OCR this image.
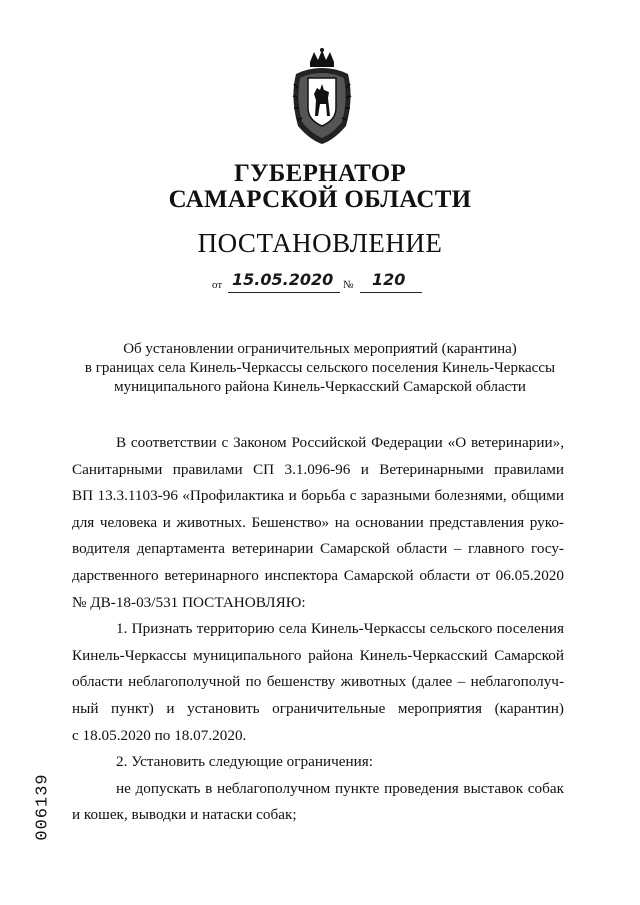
ГУБЕРНАТОР
САМАРСКОЙ ОБЛАСТИ
ПОСТАНОВЛЕНИЕ
от 15.05.2020 № 120
Об установлении ограничительных мероприятий (карантина)
в границах села Кинель-Черкассы сельского поселения Кинель-Черкассы
муниципального района Кинель-Черкасский Самарской области
В соответствии с Законом Российской Федерации «О ветеринарии»,
Санитарными правилами СП 3.1.096-96 и Ветеринарными правилами
ВП 13.3.1103-96 «Профилактика и борьба с заразными болезнями, общими
для человека и животных. Бешенство» на основании представления руко-
водителя департамента ветеринарии Самарской области – главного госу-
дарственного ветеринарного инспектора Самарской области от 06.05.2020
№ ДВ-18-03/531 ПОСТАНОВЛЯЮ:
1. Признать территорию села Кинель-Черкассы сельского поселения
Кинель-Черкассы муниципального района Кинель-Черкасский Самарской
области неблагополучной по бешенству животных (далее – неблагополуч-
ный пункт) и установить ограничительные мероприятия (карантин)
с 18.05.2020 по 18.07.2020.
2. Установить следующие ограничения:
не допускать в неблагополучном пункте проведения выставок собак
и кошек, выводки и натаски собак;
006139
